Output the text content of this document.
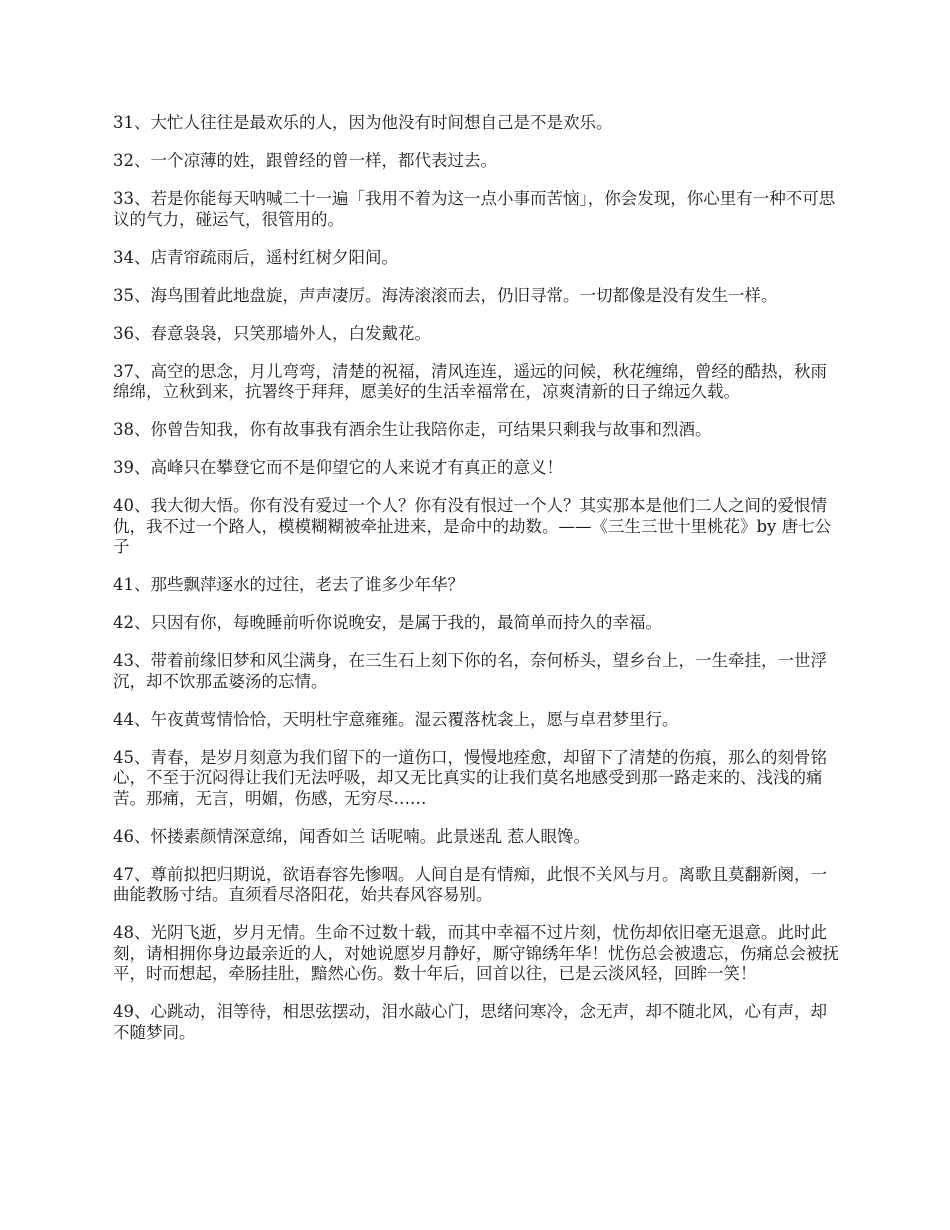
31、大忙人往往是最欢乐的人，因为他没有时间想自己是不是欢乐。

32、一个凉薄的姓，跟曾经的曾一样，都代表过去。

33、若是你能每天呐喊二十一遍「我用不着为这一点小事而苦恼」，你会发现，你心里有一种不可思议的气力，碰运气，很管用的。

34、店青帘疏雨后，遥村红树夕阳间。

35、海鸟围着此地盘旋，声声凄厉。海涛滚滚而去，仍旧寻常。一切都像是没有发生一样。

36、春意袅袅，只笑那墙外人，白发戴花。

37、高空的思念，月儿弯弯，清楚的祝福，清风连连，遥远的问候，秋花缠绵，曾经的酷热，秋雨绵绵，立秋到来，抗署终于拜拜，愿美好的生活幸福常在，凉爽清新的日子绵远久载。

38、你曾告知我，你有故事我有酒余生让我陪你走，可结果只剩我与故事和烈酒。

39、高峰只在攀登它而不是仰望它的人来说才有真正的意义！

40、我大彻大悟。你有没有爱过一个人？你有没有恨过一个人？其实那本是他们二人之间的爱恨情仇，我不过一个路人，模模糊糊被牵扯进来，是命中的劫数。——《三生三世十里桃花》by 唐七公子

41、那些飘萍逐水的过往，老去了谁多少年华？

42、只因有你，每晚睡前听你说晚安，是属于我的，最简单而持久的幸福。

43、带着前缘旧梦和风尘满身，在三生石上刻下你的名，奈何桥头，望乡台上，一生牵挂，一世浮沉，却不饮那孟婆汤的忘情。

44、午夜黄莺情恰恰，天明杜宇意雍雍。湿云覆落枕衾上，愿与卓君梦里行。

45、青春，是岁月刻意为我们留下的一道伤口，慢慢地痊愈，却留下了清楚的伤痕，那么的刻骨铭心，不至于沉闷得让我们无法呼吸，却又无比真实的让我们莫名地感受到那一路走来的、浅浅的痛苦。那痛，无言，明媚，伤感，无穷尽……

46、怀搂素颜情深意绵，闻香如兰 话呢喃。此景迷乱 惹人眼馋。

47、尊前拟把归期说，欲语春容先惨咽。人间自是有情痴，此恨不关风与月。离歌且莫翻新阕，一曲能教肠寸结。直须看尽洛阳花，始共春风容易别。

48、光阴飞逝，岁月无情。生命不过数十载，而其中幸福不过片刻，忧伤却依旧毫无退意。此时此刻，请相拥你身边最亲近的人，对她说愿岁月静好，厮守锦绣年华！忧伤总会被遗忘，伤痛总会被抚平，时而想起，牵肠挂肚，黯然心伤。数十年后，回首以往，已是云淡风轻，回眸一笑！

49、心跳动，泪等待，相思弦摆动，泪水敲心门，思绪问寒冷，念无声，却不随北风，心有声，却不随梦同。
